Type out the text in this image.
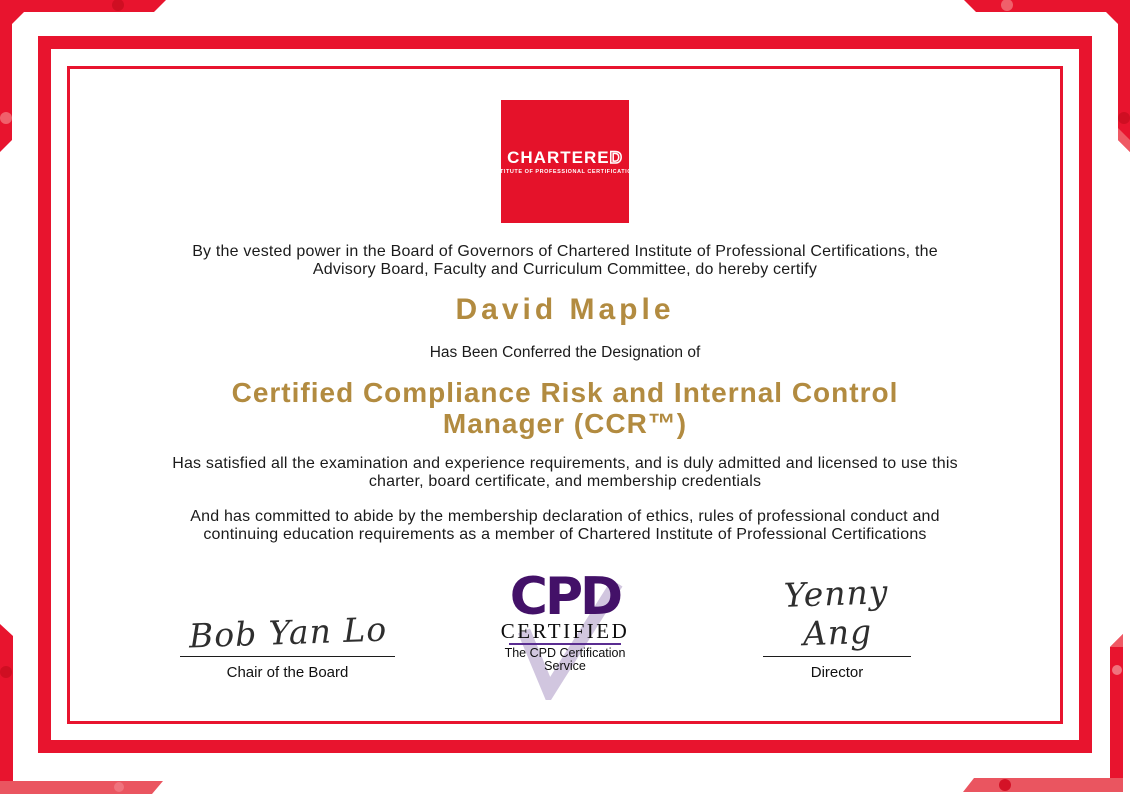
CHARTERED
INSTITUTE OF PROFESSIONAL CERTIFICATIONS
By the vested power in the Board of Governors of Chartered Institute of Professional Certifications, the Advisory Board, Faculty and Curriculum Committee, do hereby certify
David Maple
Has Been Conferred the Designation of
Certified Compliance Risk and Internal Control Manager (CCR™)
Has satisfied all the examination and experience requirements, and is duly admitted and licensed to use this charter, board certificate, and membership credentials
And has committed to abide by the membership declaration of ethics, rules of professional conduct and continuing education requirements as a member of Chartered Institute of Professional Certifications
Bob Yan Lo
Chair of the Board
CPD
CERTIFIED
The CPD Certification
Service
Yenny Ang
Director
